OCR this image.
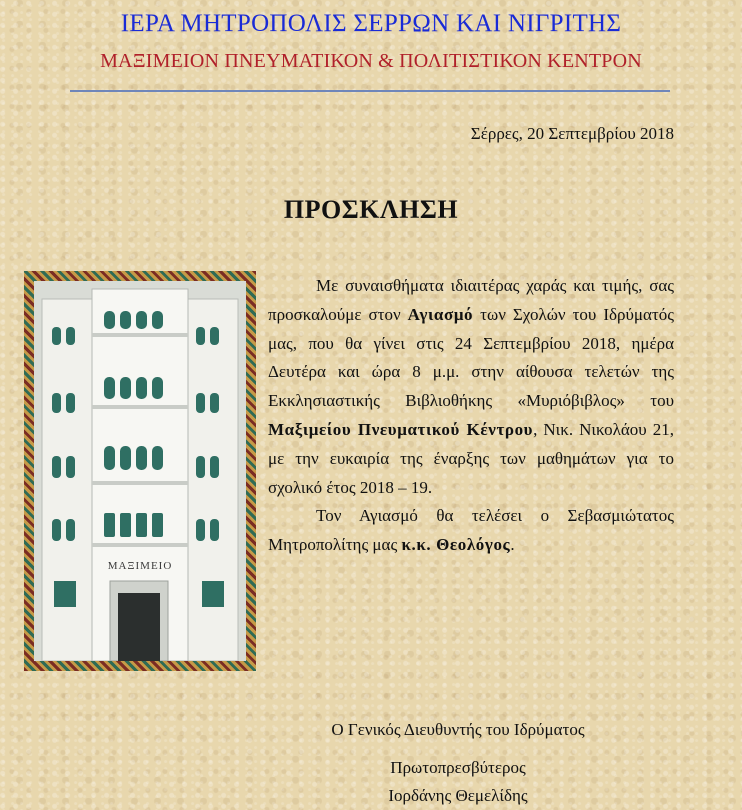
ΙΕΡΑ ΜΗΤΡΟΠΟΛΙΣ ΣΕΡΡΩΝ ΚΑΙ ΝΙΓΡΙΤΗΣ
ΜΑΞΙΜΕΙΟΝ ΠΝΕΥΜΑΤΙΚΟΝ & ΠΟΛΙΤΙΣΤΙΚΟΝ ΚΕΝΤΡΟΝ
Σέρρες, 20 Σεπτεμβρίου 2018
ΠΡΟΣΚΛΗΣΗ
ΜΑΞΙΜΕΙΟ

Με συναισθήματα ιδιαιτέρας χαράς και τιμής, σας προσκαλούμε στον Αγιασμό των Σχολών του Ιδρύματός μας, που θα γίνει στις 24 Σεπτεμβρίου 2018, ημέρα Δευτέρα και ώρα 8 μ.μ. στην αίθουσα τελετών της Εκκλησιαστικής Βιβλιοθήκης «Μυριόβιβλος» του Μαξιμείου Πνευματικού Κέντρου, Νικ. Νικολάου 21, με την ευκαιρία της έναρξης των μαθημάτων για το σχολικό έτος 2018 – 19.

Τον Αγιασμό θα τελέσει ο Σεβασμιώτατος Μητροπολίτης μας κ.κ. Θεολόγος.

Ο Γενικός Διευθυντής του Ιδρύματος
Πρωτοπρεσβύτερος
Ιορδάνης Θεμελίδης
